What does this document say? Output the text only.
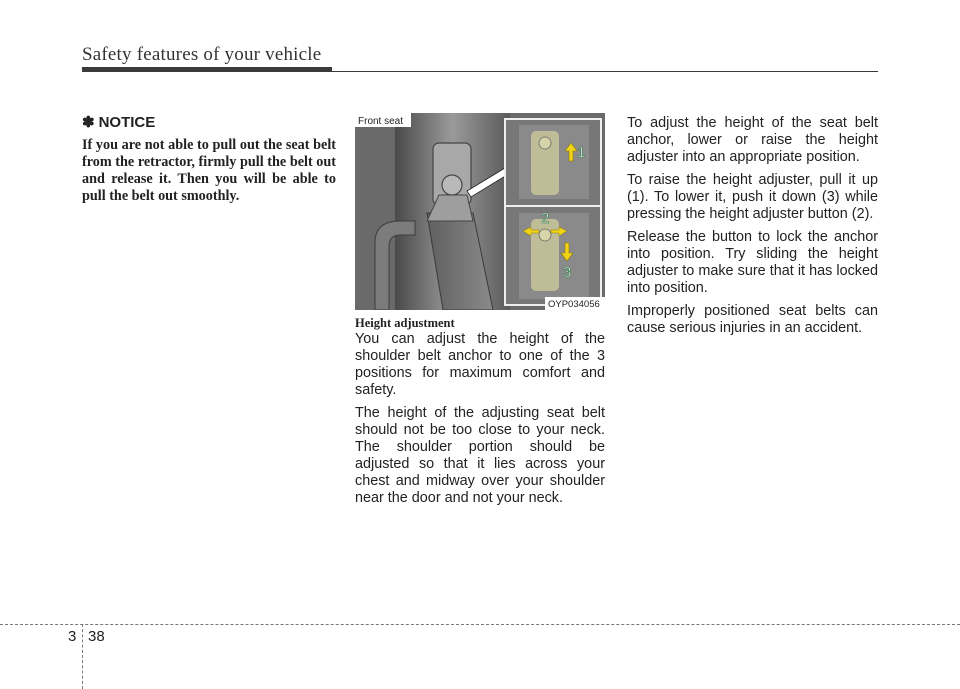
Safety features of your vehicle
✽ NOTICE
If you are not able to pull out the seat belt from the retractor, firmly pull the belt out and release it. Then you will be able to pull the belt out smoothly.
1
2
3
Front seat
OYP034056
Height adjustment

You can adjust the height of the shoulder belt anchor to one of the 3 positions for maximum comfort and safety.

The height of the adjusting seat belt should not be too close to your neck. The shoulder portion should be adjusted so that it lies across your chest and midway over your shoulder near the door and not your neck.

To adjust the height of the seat belt anchor, lower or raise the height adjuster into an appropriate position.

To raise the height adjuster, pull it up (1). To lower it, push it down (3) while pressing the height adjuster button (2).

Release the button to lock the anchor into position. Try sliding the height adjuster to make sure that it has locked into position.

Improperly positioned seat belts can cause serious injuries in an accident.

3 38
